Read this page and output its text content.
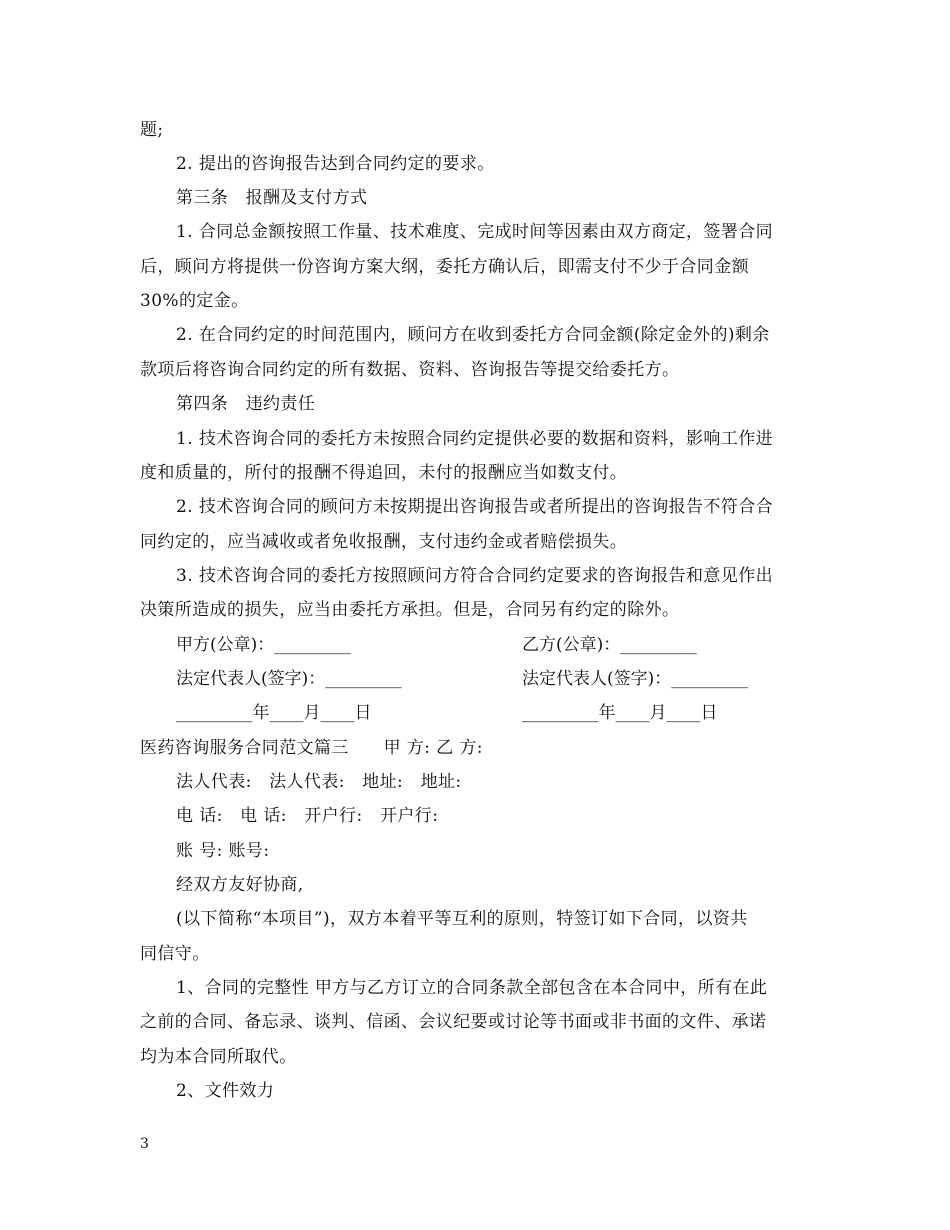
题;
2. 提出的咨询报告达到合同约定的要求。
第三条　报酬及支付方式
1. 合同总金额按照工作量、技术难度、完成时间等因素由双方商定，签署合同
后，顾问方将提供一份咨询方案大纲，委托方确认后，即需支付不少于合同金额
30%的定金。
2. 在合同约定的时间范围内，顾问方在收到委托方合同金额(除定金外的)剩余
款项后将咨询合同约定的所有数据、资料、咨询报告等提交给委托方。
第四条　违约责任
1. 技术咨询合同的委托方未按照合同约定提供必要的数据和资料，影响工作进
度和质量的，所付的报酬不得追回，未付的报酬应当如数支付。
2. 技术咨询合同的顾问方未按期提出咨询报告或者所提出的咨询报告不符合合
同约定的，应当减收或者免收报酬，支付违约金或者赔偿损失。
3. 技术咨询合同的委托方按照顾问方符合合同约定要求的咨询报告和意见作出
决策所造成的损失，应当由委托方承担。但是，合同另有约定的除外。
甲方(公章)：_________	乙方(公章)：_________
法定代表人(签字)：_________	法定代表人(签字)：_________
_________年____月____日	_________年____月____日
医药咨询服务合同范文篇三　　甲 方: 乙 方:
法人代表:　法人代表:　地址:　地址:
电 话:　电 话:　开户行:　开户行:
账 号: 账号:
经双方友好协商,
(以下简称“本项目”)，双方本着平等互利的原则，特签订如下合同，以资共
同信守。
1、合同的完整性 甲方与乙方订立的合同条款全部包含在本合同中，所有在此
之前的合同、备忘录、谈判、信函、会议纪要或讨论等书面或非书面的文件、承诺
均为本合同所取代。
2、文件效力
3
